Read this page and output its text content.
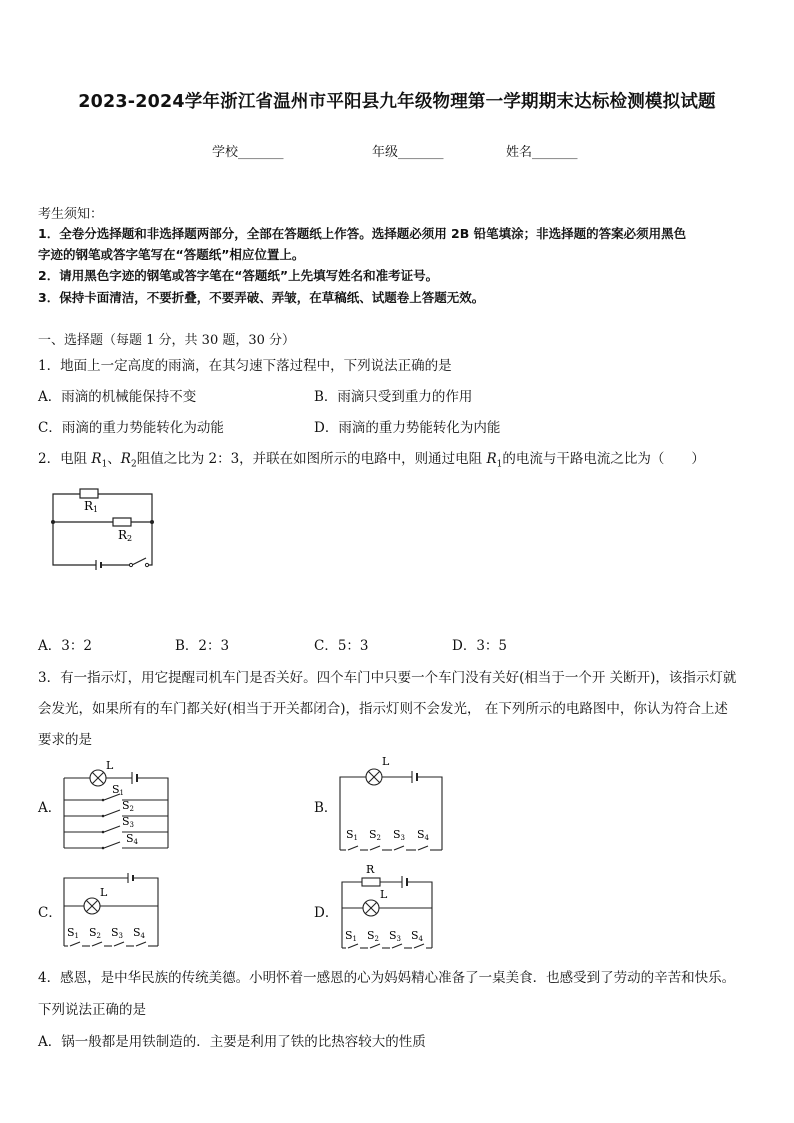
2023-2024学年浙江省温州市平阳县九年级物理第一学期期末达标检测模拟试题
学校_______	年级_______	姓名_______
考生须知：
1．全卷分选择题和非选择题两部分，全部在答题纸上作答。选择题必须用 2B 铅笔填涂；非选择题的答案必须用黑色
字迹的钢笔或答字笔写在“答题纸”相应位置上。
2．请用黑色字迹的钢笔或答字笔在“答题纸”上先填写姓名和准考证号。
3．保持卡面清洁，不要折叠，不要弄破、弄皱，在草稿纸、试题卷上答题无效。
一、选择题（每题 1 分，共 30 题，30 分）
1．地面上一定高度的雨滴，在其匀速下落过程中，下列说法正确的是
A．雨滴的机械能保持不变	B．雨滴只受到重力的作用
C．雨滴的重力势能转化为动能	D．雨滴的重力势能转化为内能
2．电阻 $R_1$、$R_2$阻值之比为 2：3，并联在如图所示的电路中，则通过电阻 $R_1$的电流与干路电流之比为（　　）
R1
R2
A．3：2	B．2：3	C．5：3	D．3：5
3．有一指示灯，用它提醒司机车门是否关好。四个车门中只要一个车门没有关好(相当于一个开 关断开)，该指示灯就
会发光，如果所有的车门都关好(相当于开关都闭合)，指示灯则不会发光， 在下列所示的电路图中，你认为符合上述
要求的是
A．	B．
C．	D．
L
S1
S2
S3
S4
L
S1 S2 S3 S4
L
S1 S2 S3 S4
R
L
S1 S2 S3 S4
4．感恩，是中华民族的传统美德。小明怀着一感恩的心为妈妈精心准备了一桌美食．也感受到了劳动的辛苦和快乐。
下列说法正确的是
A．锅一般都是用铁制造的．主要是利用了铁的比热容较大的性质
